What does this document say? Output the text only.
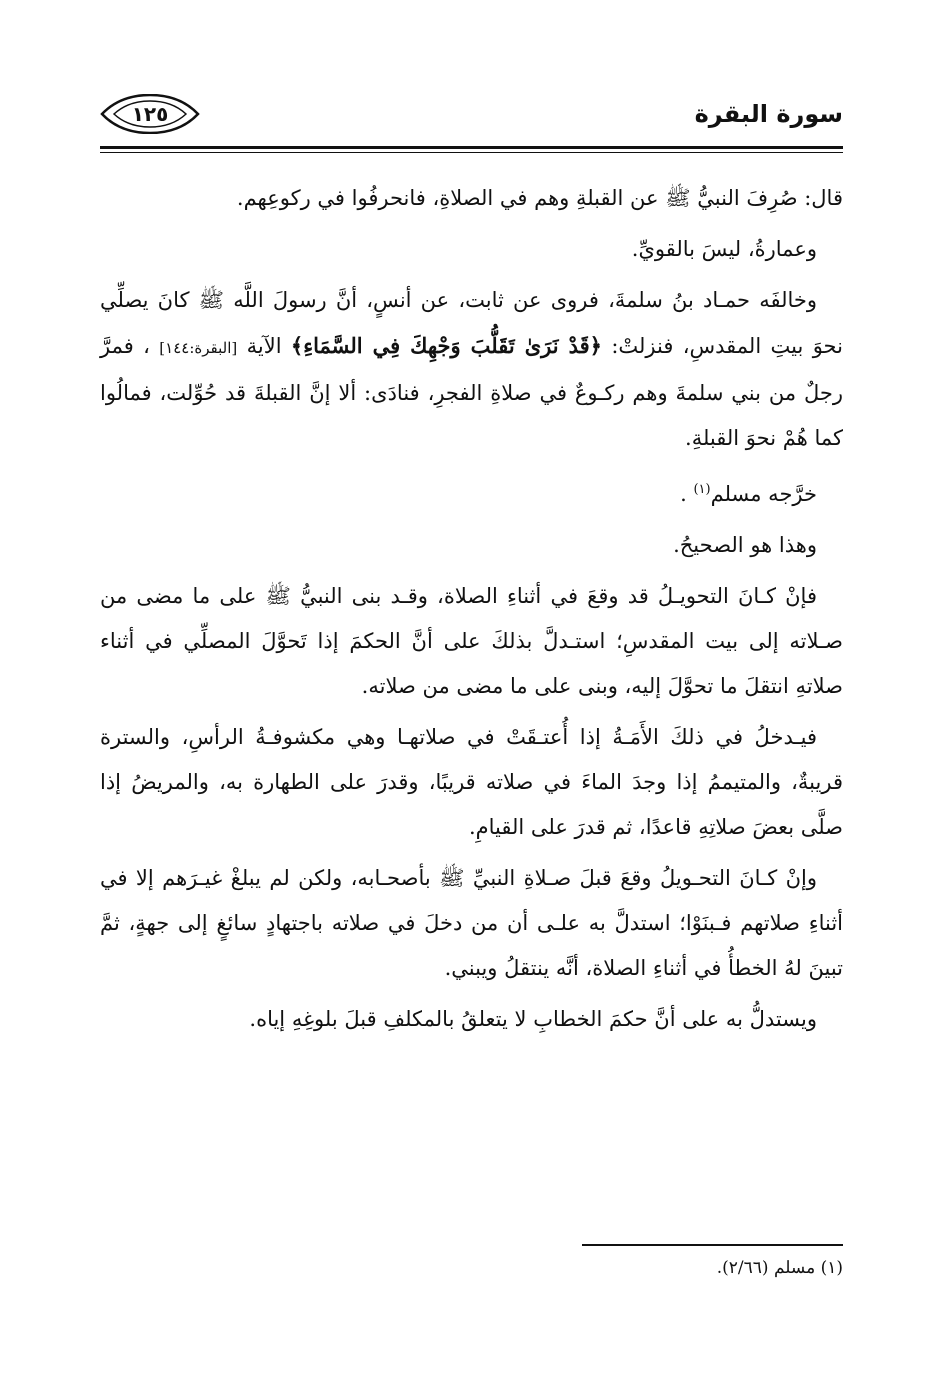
سورة البقرة
١٢٥

قال: صُرِفَ النبيُّ ﷺ عن القبلةِ وهم في الصلاةِ، فانحرفُوا في ركوعِهم.

وعمارةُ، ليسَ بالقويِّ.

وخالفَه حمـاد بنُ سلمةَ، فروى عن ثابت، عن أنسٍ، أنَّ رسولَ اللَّه ﷺ كانَ يصلِّي نحوَ بيتِ المقدسِ، فنزلتْ: ﴿قَدْ نَرَىٰ تَقَلُّبَ وَجْهِكَ فِي السَّمَاءِ﴾ الآية [البقرة:١٤٤] ، فمرَّ رجلٌ من بني سلمةَ وهم ركـوعٌ في صلاةِ الفجرِ، فنادَى: ألا إنَّ القبلةَ قد حُوِّلت، فمالُوا كما هُمْ نحوَ القبلةِ.

خرَّجه مسلم$^{(١)}$ .

وهذا هو الصحيحُ.

فإنْ كـانَ التحويـلُ قد وقعَ في أثناءِ الصلاة، وقـد بنى النبيُّ ﷺ على ما مضى من صـلاته إلى بيت المقدسِ؛ استـدلَّ بذلكَ على أنَّ الحكمَ إذا تَحوَّلَ المصلِّي في أثناء صلاتهِ انتقلَ ما تحوَّلَ إليه، وبنى على ما مضى من صلاته.

فيـدخلُ في ذلكَ الأَمَـةُ إذا أُعتـقَتْ في صلاتهـا وهي مكشوفـةُ الرأسِ، والسترة قريبةٌ، والمتيممُ إذا وجدَ الماءَ في صلاته قريبًا، وقدرَ على الطهارة به، والمريضُ إذا صلَّى بعضَ صلاتِهِ قاعدًا، ثم قدرَ على القيامِ.

وإنْ كـانَ التحـويلُ وقعَ قبلَ صـلاةِ النبيِّ ﷺ بأصحـابه، ولكن لم يبلغْ غيـرَهم إلا في أثناءِ صلاتهم فـبنَوْا؛ استدلَّ به علـى أن من دخلَ في صلاته باجتهادٍ سائغٍ إلى جهةٍ، ثمَّ تبينَ لهُ الخطأُ في أثناءِ الصلاة، أنَّه ينتقلُ ويبني.

ويستدلُّ به على أنَّ حكمَ الخطابِ لا يتعلقُ بالمكلفِ قبلَ بلوغِهِ إياه.

(١) مسلم (٢/٦٦).
